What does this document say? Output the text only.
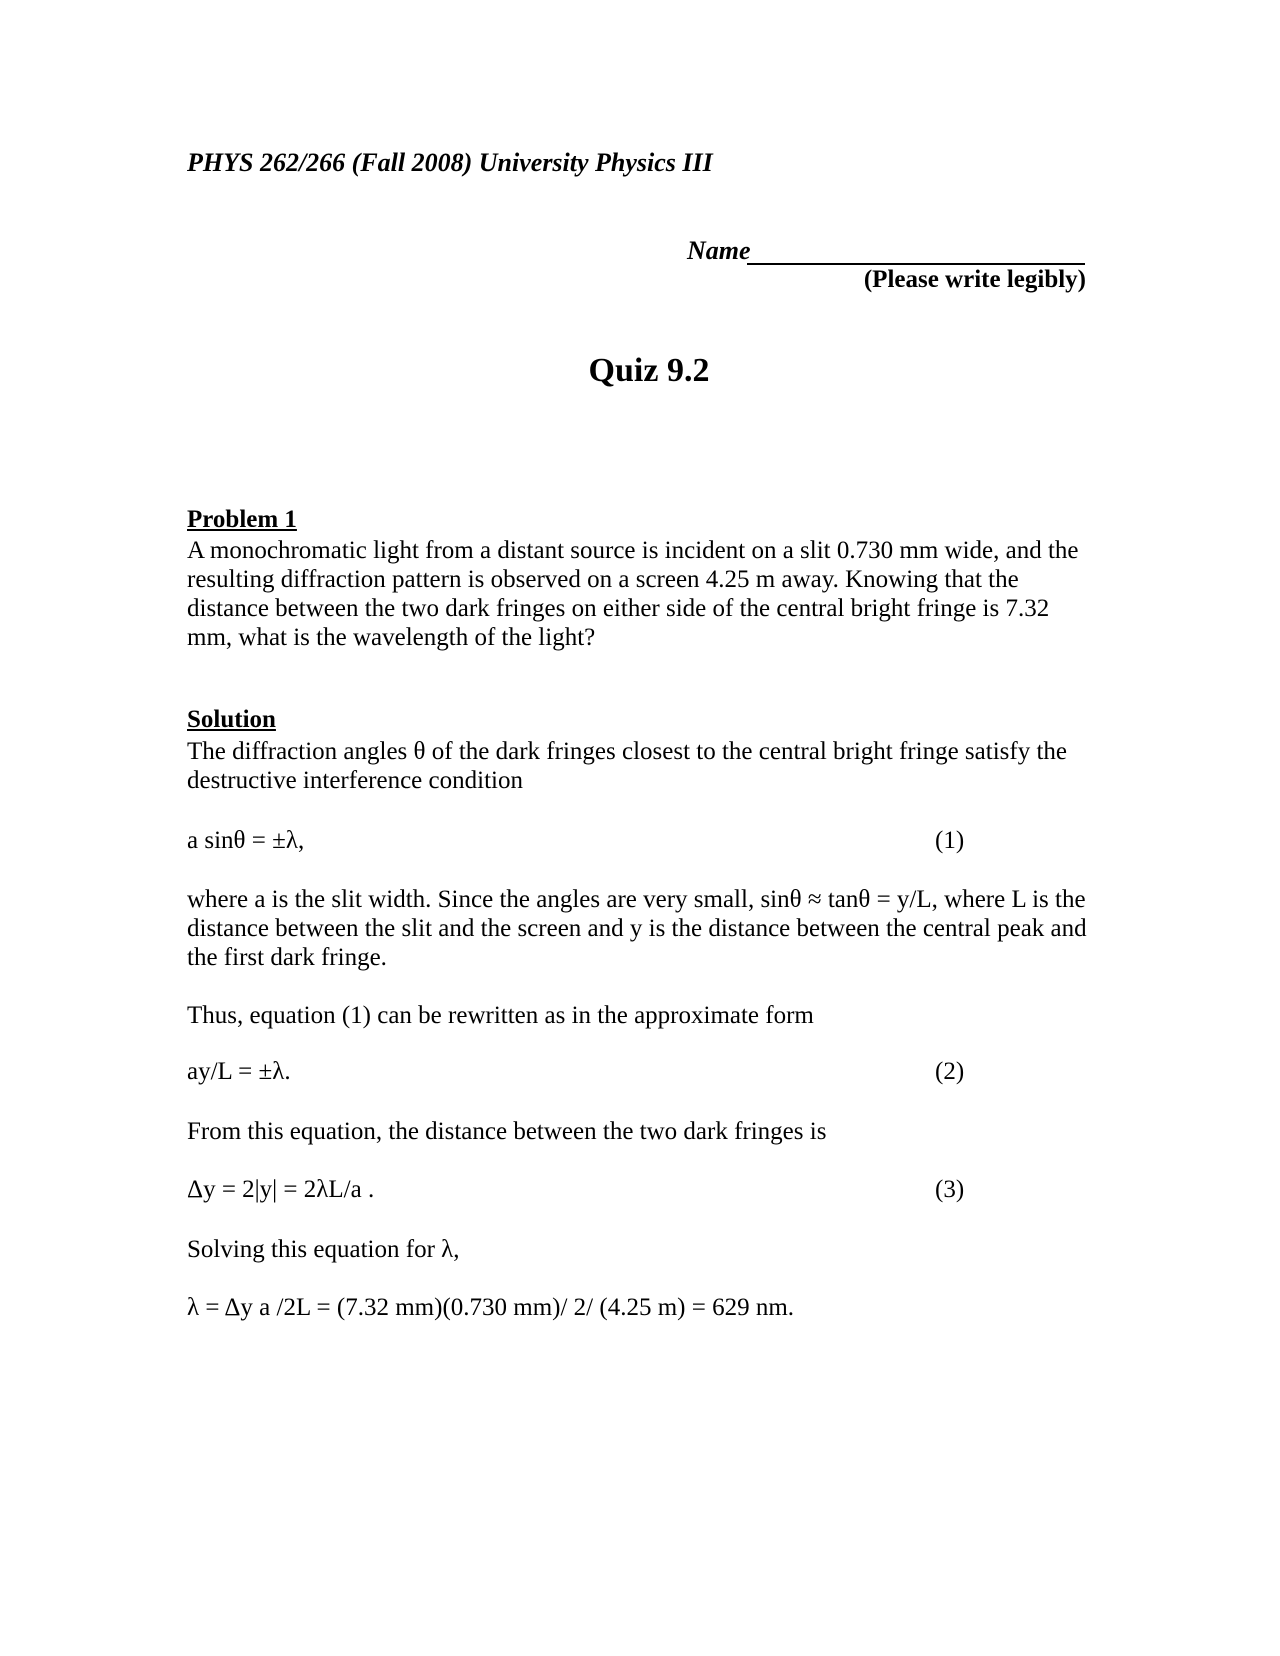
PHYS 262/266 (Fall 2008) University Physics III
Name
(Please write legibly)
Quiz 9.2
Problem 1
A monochromatic light from a distant source is incident on a slit 0.730 mm wide, and the resulting diffraction pattern is observed on a screen 4.25 m away. Knowing that the distance between the two dark fringes on either side of the central bright fringe is 7.32 mm, what is the wavelength of the light?
Solution
The diffraction angles θ of the dark fringes closest to the central bright fringe satisfy the destructive interference condition
a sinθ = ±λ,	(1)
where a is the slit width. Since the angles are very small, sinθ ≈ tanθ = y/L, where L is the distance between the slit and the screen and y is the distance between the central peak and the first dark fringe.
Thus, equation (1) can be rewritten as in the approximate form
ay/L = ±λ.	(2)
From this equation, the distance between the two dark fringes is
Δy = 2|y| = 2λL/a .	(3)
Solving this equation for λ,
λ = Δy a /2L = (7.32 mm)(0.730 mm)/ 2/ (4.25 m) = 629 nm.
